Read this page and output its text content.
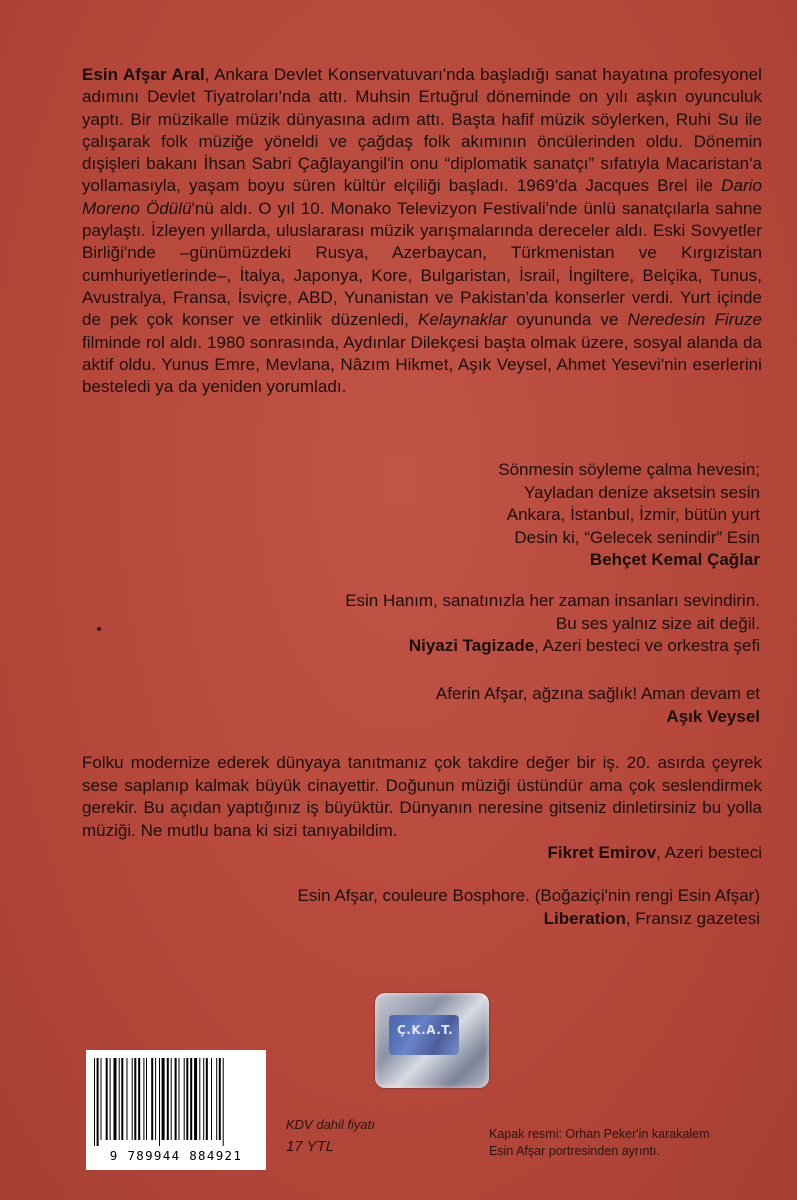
Esin Afşar Aral, Ankara Devlet Konservatuvarı'nda başladığı sanat hayatına profesyonel adımını Devlet Tiyatroları'nda attı. Muhsin Ertuğrul döneminde on yılı aşkın oyunculuk yaptı. Bir müzikalle müzik dünyasına adım attı. Başta hafif müzik söylerken, Ruhi Su ile çalışarak folk müziğe yöneldi ve çağdaş folk akımının öncülerinden oldu. Dönemin dışişleri bakanı İhsan Sabri Çağlayangil'in onu “diplomatik sanatçı” sıfatıyla Macaristan'a yollamasıyla, yaşam boyu süren kültür elçiliği başladı. 1969'da Jacques Brel ile Dario Moreno Ödülü'nü aldı. O yıl 10. Monako Televizyon Festivali'nde ünlü sanatçılarla sahne paylaştı. İzleyen yıllarda, uluslararası müzik yarışmalarında dereceler aldı. Eski Sovyetler Birliği'nde –günümüzdeki Rusya, Azerbaycan, Türkmenistan ve Kırgızistan cumhuriyetlerinde–, İtalya, Japonya, Kore, Bulgaristan, İsrail, İngiltere, Belçika, Tunus, Avustralya, Fransa, İsviçre, ABD, Yunanistan ve Pakistan'da konserler verdi. Yurt içinde de pek çok konser ve etkinlik düzenledi, Kelaynaklar oyununda ve Neredesin Firuze filminde rol aldı. 1980 sonrasında, Aydınlar Dilekçesi başta olmak üzere, sosyal alanda da aktif oldu. Yunus Emre, Mevlana, Nâzım Hikmet, Aşık Veysel, Ahmet Yesevi'nin eserlerini besteledi ya da yeniden yorumladı.
Sönmesin söyleme çalma hevesin;
Yayladan denize aksetsin sesin
Ankara, İstanbul, İzmir, bütün yurt
Desin ki, “Gelecek senindir” Esin
Behçet Kemal Çağlar
Esin Hanım, sanatınızla her zaman insanları sevindirin.
Bu ses yalnız size ait değil.
Niyazi Tagizade, Azeri besteci ve orkestra şefi
Aferin Afşar, ağzına sağlık! Aman devam et
Aşık Veysel
Folku modernize ederek dünyaya tanıtmanız çok takdire değer bir iş. 20. asırda çeyrek sese saplanıp kalmak büyük cinayettir. Doğunun müziği üstündür ama çok seslendirmek gerekir. Bu açıdan yaptığınız iş büyüktür. Dünyanın neresine gitseniz dinletirsiniz bu yolla müziği. Ne mutlu bana ki sizi tanıyabildim.
Fikret Emirov, Azeri besteci
Esin Afşar, couleure Bosphore. (Boğaziçi'nin rengi Esin Afşar)
Liberation, Fransız gazetesi
Ç.K.A.T.
9 789944 884921
KDV dahil fiyatı
17 YTL
Kapak resmi: Orhan Peker'in karakalem
Esin Afşar portresinden ayrıntı.
